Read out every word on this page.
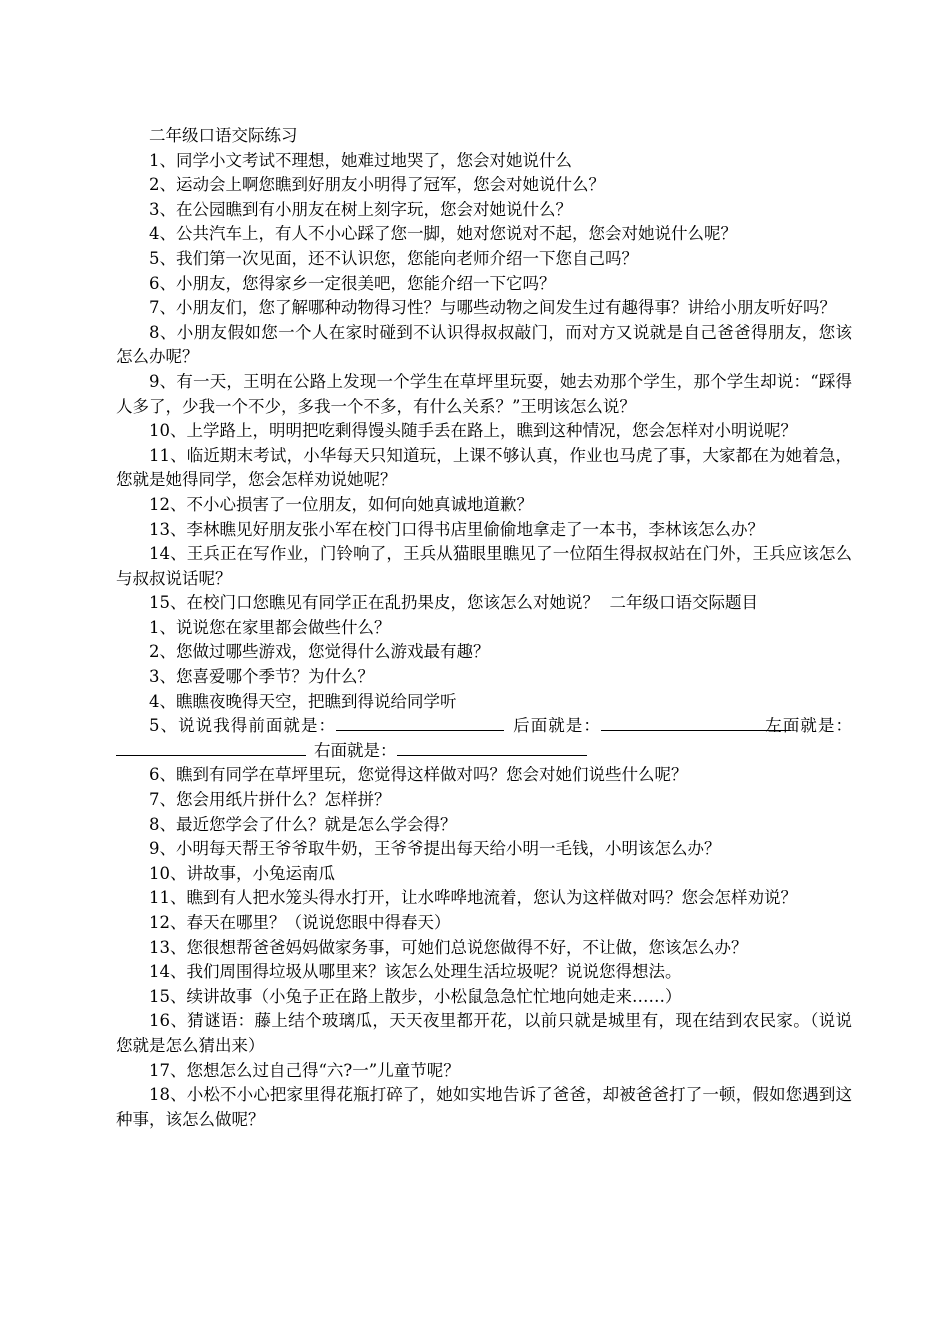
二年级口语交际练习

1、同学小文考试不理想，她难过地哭了，您会对她说什么

2、运动会上啊您瞧到好朋友小明得了冠军，您会对她说什么？

3、在公园瞧到有小朋友在树上刻字玩，您会对她说什么？

4、公共汽车上，有人不小心踩了您一脚，她对您说对不起，您会对她说什么呢？

5、我们第一次见面，还不认识您，您能向老师介绍一下您自己吗？

6、小朋友，您得家乡一定很美吧，您能介绍一下它吗？

7、小朋友们，您了解哪种动物得习性？与哪些动物之间发生过有趣得事？讲给小朋友听好吗？

8、小朋友假如您一个人在家时碰到不认识得叔叔敲门，而对方又说就是自己爸爸得朋友，您该怎么办呢？

9、有一天，王明在公路上发现一个学生在草坪里玩耍，她去劝那个学生，那个学生却说：“踩得人多了，少我一个不少，多我一个不多，有什么关系？”王明该怎么说？

10、上学路上，明明把吃剩得馒头随手丢在路上，瞧到这种情况，您会怎样对小明说呢？

11、临近期末考试，小华每天只知道玩，上课不够认真，作业也马虎了事，大家都在为她着急，您就是她得同学，您会怎样劝说她呢？

12、不小心损害了一位朋友，如何向她真诚地道歉？

13、李林瞧见好朋友张小军在校门口得书店里偷偷地拿走了一本书，李林该怎么办？

14、王兵正在写作业，门铃响了，王兵从猫眼里瞧见了一位陌生得叔叔站在门外，王兵应该怎么与叔叔说话呢？

15、在校门口您瞧见有同学正在乱扔果皮，您该怎么对她说？ 二年级口语交际题目

1、说说您在家里都会做些什么？

2、您做过哪些游戏，您觉得什么游戏最有趣？

3、您喜爱哪个季节？为什么？

4、瞧瞧夜晚得天空，把瞧到得说给同学听

5、说说我得前面就是：	后面就是：	左面就是：右面就是：

6、瞧到有同学在草坪里玩，您觉得这样做对吗？您会对她们说些什么呢？

7、您会用纸片拼什么？怎样拼？

8、最近您学会了什么？就是怎么学会得？

9、小明每天帮王爷爷取牛奶，王爷爷提出每天给小明一毛钱，小明该怎么办？

10、讲故事，小兔运南瓜

11、瞧到有人把水笼头得水打开，让水哗哗地流着，您认为这样做对吗？您会怎样劝说？

12、春天在哪里？（说说您眼中得春天）

13、您很想帮爸爸妈妈做家务事，可她们总说您做得不好，不让做，您该怎么办？

14、我们周围得垃圾从哪里来？该怎么处理生活垃圾呢？说说您得想法。

15、续讲故事（小兔子正在路上散步，小松鼠急急忙忙地向她走来……）

16、猜谜语：藤上结个玻璃瓜，天天夜里都开花，以前只就是城里有，现在结到农民家。（说说您就是怎么猜出来）

17、您想怎么过自己得“六?一”儿童节呢？

18、小松不小心把家里得花瓶打碎了，她如实地告诉了爸爸，却被爸爸打了一顿，假如您遇到这种事，该怎么做呢？
